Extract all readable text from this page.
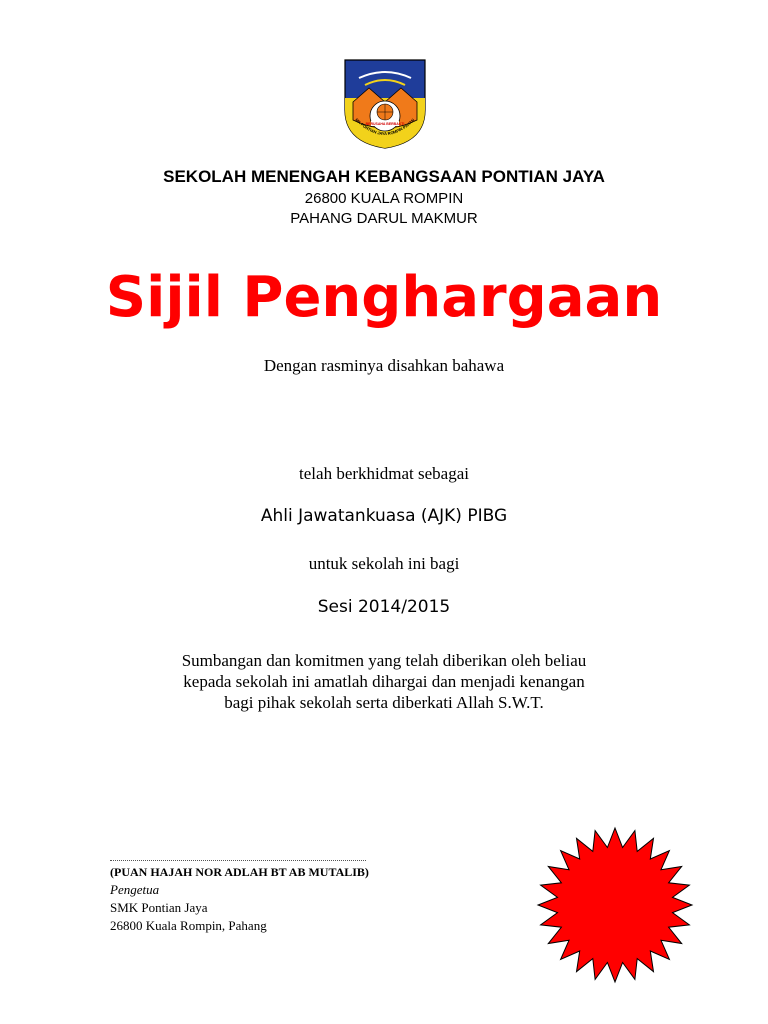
BERUSAHA BERBAKTI
MK PONTIAN JAYA ROMPIN PAHAN

SEKOLAH MENENGAH KEBANGSAAN PONTIAN JAYA

26800 KUALA ROMPIN

PAHANG DARUL MAKMUR

Sijil Penghargaan

Dengan rasminya disahkan bahawa

telah berkhidmat sebagai

Ahli Jawatankuasa (AJK) PIBG

untuk sekolah ini bagi

Sesi 2014/2015

Sumbangan dan komitmen yang telah diberikan oleh beliau
kepada sekolah ini amatlah dihargai dan menjadi kenangan
bagi pihak sekolah serta diberkati Allah S.W.T.
(PUAN HAJAH NOR ADLAH BT AB MUTALIB)
Pengetua
SMK Pontian Jaya
26800 Kuala Rompin, Pahang
